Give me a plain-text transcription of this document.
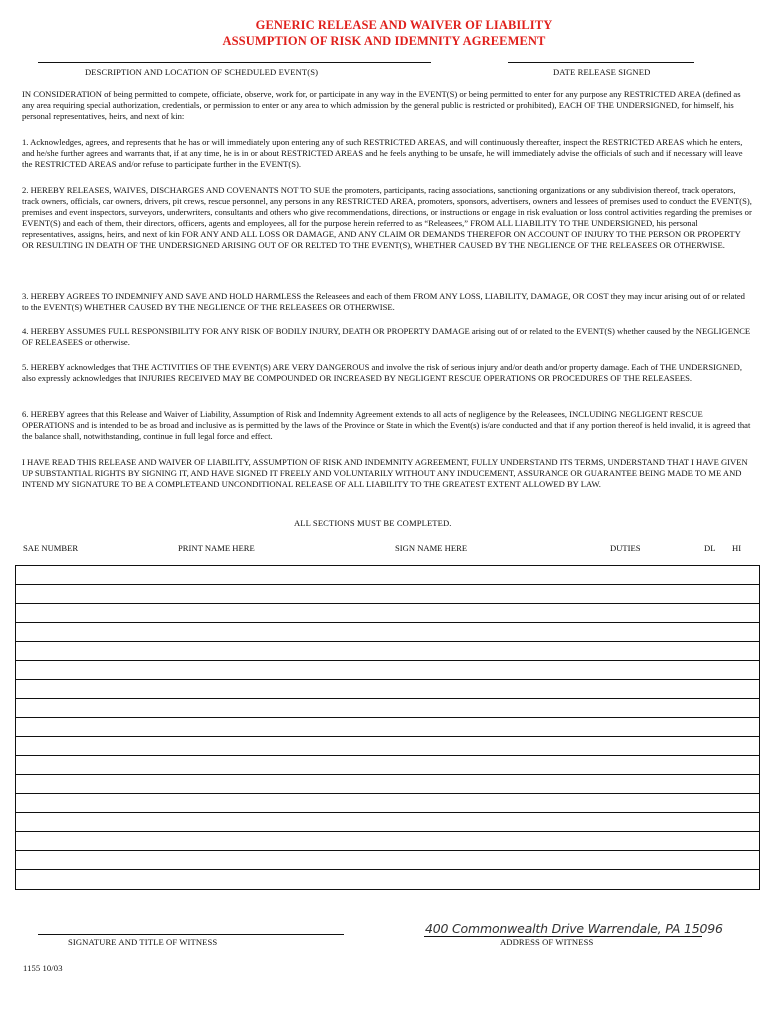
GENERIC RELEASE AND WAIVER OF LIABILITY
ASSUMPTION OF RISK AND IDEMNITY AGREEMENT
DESCRIPTION AND LOCATION OF SCHEDULED EVENT(S)	DATE RELEASE SIGNED
IN CONSIDERATION of being permitted to compete, officiate, observe, work for, or participate in any way in the EVENT(S) or being permitted to enter for any purpose any RESTRICTED AREA (defined as any area requiring special authorization, credentials, or permission to enter or any area to which admission by the general public is restricted or prohibited), EACH OF THE UNDERSIGNED, for himself, his personal representatives, heirs, and next of kin:
1. Acknowledges, agrees, and represents that he has or will immediately upon entering any of such RESTRICTED AREAS, and will continuously thereafter, inspect the RESTRICTED AREAS which he enters, and he/she further agrees and warrants that, if at any time, he is in or about RESTRICTED AREAS and he feels anything to be unsafe, he will immediately advise the officials of such and if necessary will leave the RESTRICTED AREAS and/or refuse to participate further in the EVENT(S).
2. HEREBY RELEASES, WAIVES, DISCHARGES AND COVENANTS NOT TO SUE the promoters, participants, racing associations, sanctioning organizations or any subdivision thereof, track operators, track owners, officials, car owners, drivers, pit crews, rescue personnel, any persons in any RESTRICTED AREA, promoters, sponsors, advertisers, owners and lessees of premises used to conduct the EVENT(S), premises and event inspectors, surveyors, underwriters, consultants and others who give recommendations, directions, or instructions or engage in risk evaluation or loss control activities regarding the premises or EVENT(S) and each of them, their directors, officers, agents and employees, all for the purpose herein referred to as “Releasees,” FROM ALL LIABILITY TO THE UNDERSIGNED, his personal representatives, assigns, heirs, and next of kin FOR ANY AND ALL LOSS OR DAMAGE, AND ANY CLAIM OR DEMANDS THEREFOR ON ACCOUNT OF INJURY TO THE PERSON OR PROPERTY OR RESULTING IN DEATH OF THE UNDERSIGNED ARISING OUT OF OR RELTED TO THE EVENT(S), WHETHER CAUSED BY THE NEGLIENCE OF THE RELEASEES OR OTHERWISE.
3. HEREBY AGREES TO INDEMNIFY AND SAVE AND HOLD HARMLESS the Releasees and each of them FROM ANY LOSS, LIABILITY, DAMAGE, OR COST they may incur arising out of or related to the EVENT(S) WHETHER CAUSED BY THE NEGLIENCE OF THE RELEASEES OR OTHERWISE.
4. HEREBY ASSUMES FULL RESPONSIBILITY FOR ANY RISK OF BODILY INJURY, DEATH OR PROPERTY DAMAGE arising out of or related to the EVENT(S) whether caused by the NEGLIGENCE OF RELEASEES or otherwise.
5. HEREBY acknowledges that THE ACTIVITIES OF THE EVENT(S) ARE VERY DANGEROUS and involve the risk of serious injury and/or death and/or property damage. Each of THE UNDERSIGNED, also expressly acknowledges that INJURIES RECEIVED MAY BE COMPOUNDED OR INCREASED BY NEGLIGENT RESCUE OPERATIONS OR PROCEDURES OF THE RELEASEES.
6. HEREBY agrees that this Release and Waiver of Liability, Assumption of Risk and Indemnity Agreement extends to all acts of negligence by the Releasees, INCLUDING NEGLIGENT RESCUE OPERATIONS and is intended to be as broad and inclusive as is permitted by the laws of the Province or State in which the Event(s) is/are conducted and that if any portion thereof is held invalid, it is agreed that the balance shall, notwithstanding, continue in full legal force and effect.
I HAVE READ THIS RELEASE AND WAIVER OF LIABILITY, ASSUMPTION OF RISK AND INDEMNITY AGREEMENT, FULLY UNDERSTAND ITS TERMS, UNDERSTAND THAT I HAVE GIVEN UP SUBSTANTIAL RIGHTS BY SIGNING IT, AND HAVE SIGNED IT FREELY AND VOLUNTARILY WITHOUT ANY INDUCEMENT, ASSURANCE OR GUARANTEE BEING MADE TO ME AND INTEND MY SIGNATURE TO BE A COMPLETEAND UNCONDITIONAL RELEASE OF ALL LIABILITY TO THE GREATEST EXTENT ALLOWED BY LAW.
ALL SECTIONS MUST BE COMPLETED.
SAE NUMBER	PRINT NAME HERE	SIGN NAME HERE	DUTIES	DL HI
SIGNATURE AND TITLE OF WITNESS
400 Commonwealth Drive Warrendale, PA 15096
ADDRESS OF WITNESS
1155 10/03
